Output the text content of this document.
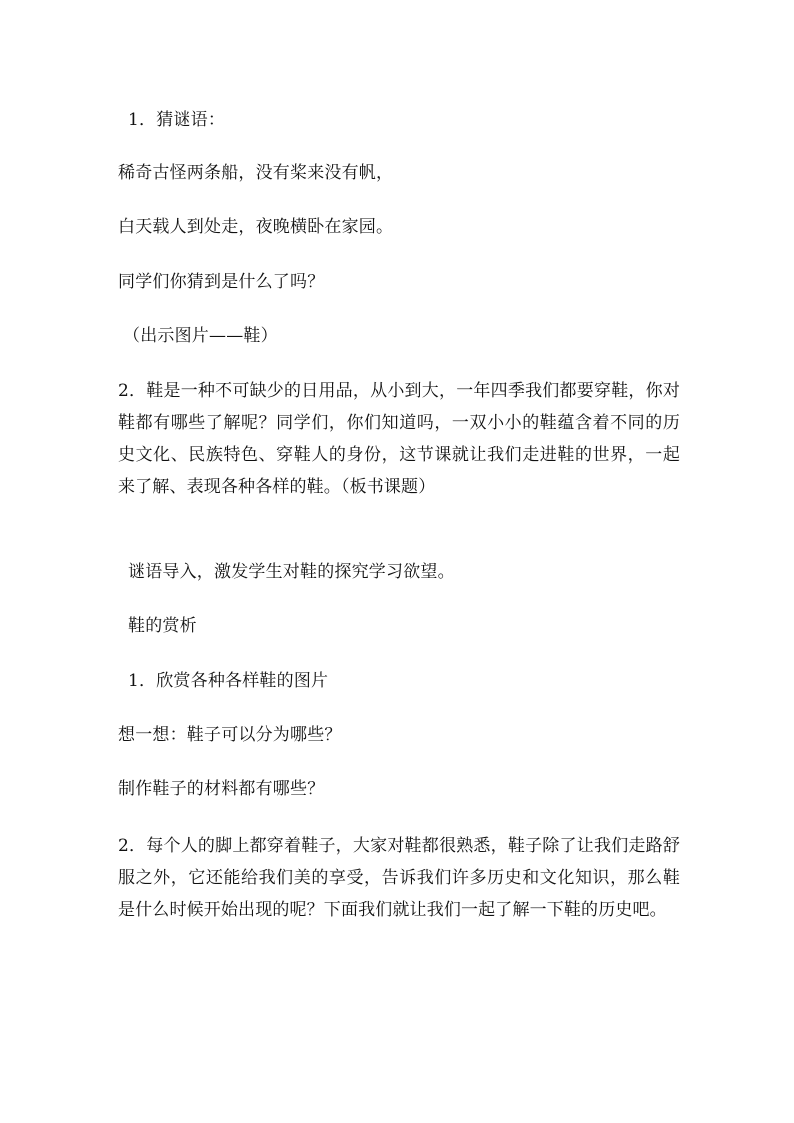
1．猜谜语：
稀奇古怪两条船，没有桨来没有帆，
白天载人到处走，夜晚横卧在家园。
同学们你猜到是什么了吗？
（出示图片——鞋）
2．鞋是一种不可缺少的日用品，从小到大，一年四季我们都要穿鞋，你对鞋都有哪些了解呢？同学们，你们知道吗，一双小小的鞋蕴含着不同的历史文化、民族特色、穿鞋人的身份，这节课就让我们走进鞋的世界，一起来了解、表现各种各样的鞋。（板书课题）
谜语导入，激发学生对鞋的探究学习欲望。
鞋的赏析
1．欣赏各种各样鞋的图片
想一想：鞋子可以分为哪些？
制作鞋子的材料都有哪些？
2．每个人的脚上都穿着鞋子，大家对鞋都很熟悉，鞋子除了让我们走路舒服之外，它还能给我们美的享受，告诉我们许多历史和文化知识，那么鞋是什么时候开始出现的呢？下面我们就让我们一起了解一下鞋的历史吧。
